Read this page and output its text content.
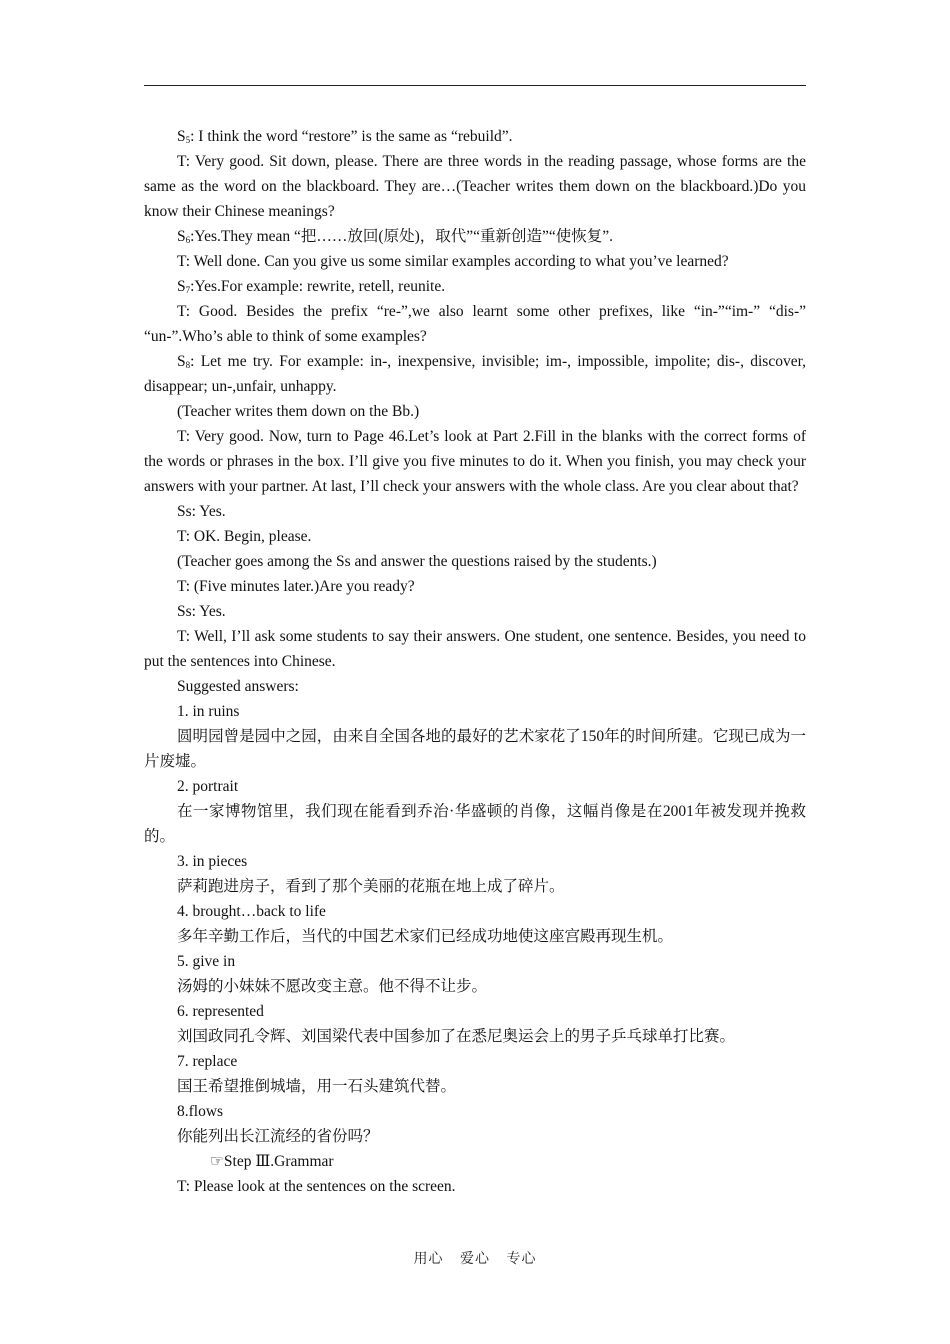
$S_5$: I think the word “restore” is the same as “rebuild”.

T: Very good. Sit down, please. There are three words in the reading passage, whose forms are the same as the word on the blackboard. They are…(Teacher writes them down on the blackboard.)Do you know their Chinese meanings?

$S_6:Yes.They$ mean “把……放回(原处)，取代”“重新创造”“使恢复”.

T: Well done. Can you give us some similar examples according to what you’ve learned?

$S_7:Yes.For$ example: rewrite, retell, reunite.

T: Good. Besides the prefix “re-”,we also learnt some other prefixes, like “in-”“im-” “dis-” “un-”.Who’s able to think of some examples?

$S_8$: Let me try. For example: in-, inexpensive, invisible; im-, impossible, impolite; dis-, discover, disappear; un-,unfair, unhappy.

(Teacher writes them down on the Bb.)

T: Very good. Now, turn to Page 46.Let’s look at Part 2.Fill in the blanks with the correct forms of the words or phrases in the box. I’ll give you five minutes to do it. When you finish, you may check your answers with your partner. At last, I’ll check your answers with the whole class. Are you clear about that?

Ss: Yes.

T: OK. Begin, please.

(Teacher goes among the Ss and answer the questions raised by the students.)

T: (Five minutes later.)Are you ready?

Ss: Yes.

T: Well, I’ll ask some students to say their answers. One student, one sentence. Besides, you need to put the sentences into Chinese.

Suggested answers:

1. in ruins

圆明园曾是园中之园，由来自全国各地的最好的艺术家花了150年的时间所建。它现已成为一片废墟。

2. portrait

在一家博物馆里，我们现在能看到乔治·华盛顿的肖像，这幅肖像是在2001年被发现并挽救的。

3. in pieces

萨莉跑进房子，看到了那个美丽的花瓶在地上成了碎片。

4. brought…back to life

多年辛勤工作后，当代的中国艺术家们已经成功地使这座宫殿再现生机。

5. give in

汤姆的小妹妹不愿改变主意。他不得不让步。

6. represented

刘国政同孔令辉、刘国梁代表中国参加了在悉尼奥运会上的男子乒乓球单打比赛。

7. replace

国王希望推倒城墙，用一石头建筑代替。

8.flows

你能列出长江流经的省份吗？

☞Step Ⅲ.Grammar

T: Please look at the sentences on the screen.

用心 爱心 专心
